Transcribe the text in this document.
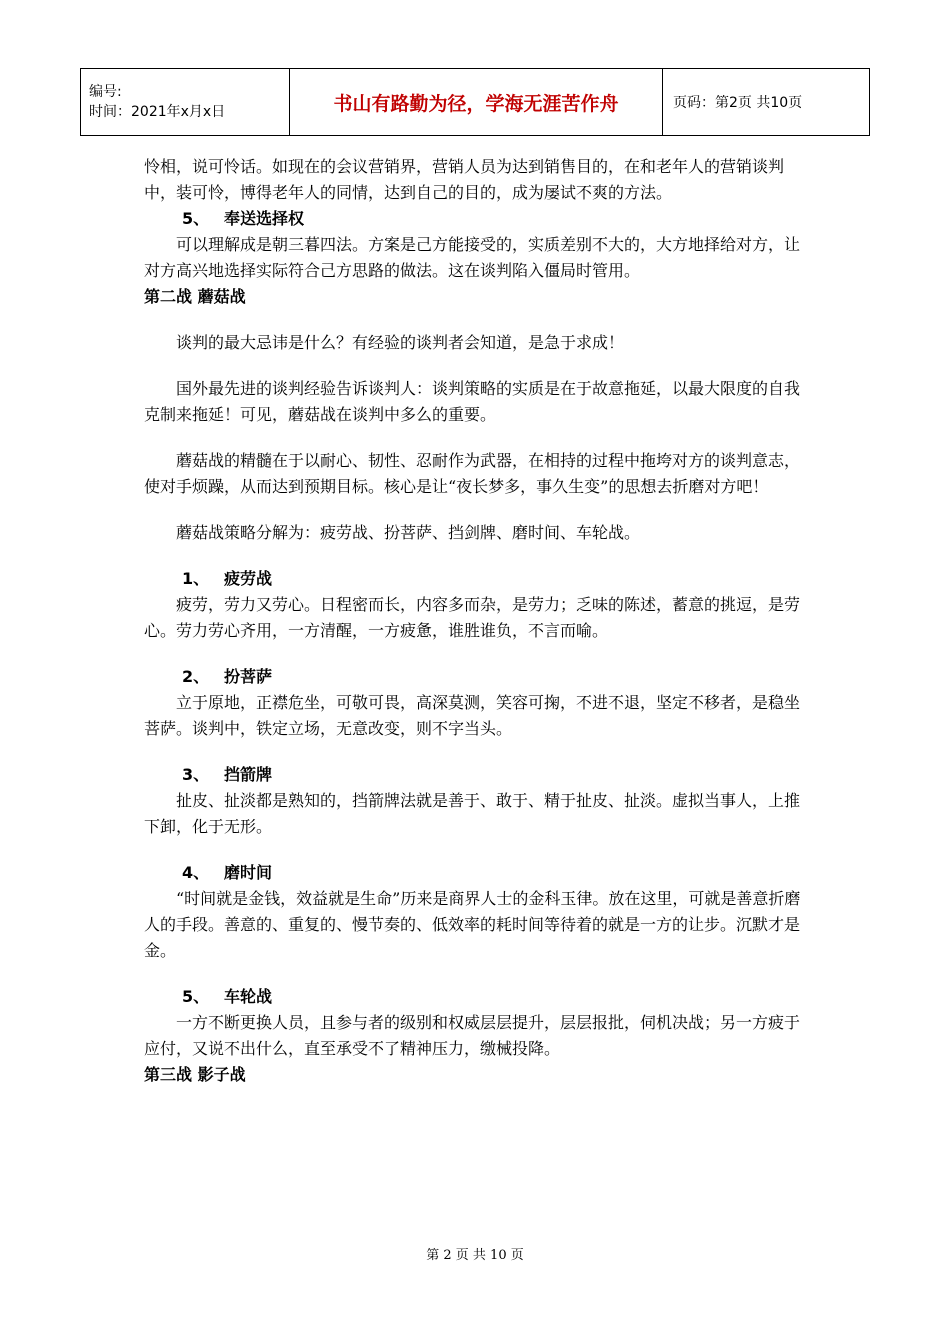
编号:
时间：2021年x月x日	书山有路勤为径，学海无涯苦作舟	页码：第2页 共10页

怜相，说可怜话。如现在的会议营销界，营销人员为达到销售目的，在和老年人的营销谈判中，装可怜，博得老年人的同情，达到自己的目的，成为屡试不爽的方法。

5、 奉送选择权

可以理解成是朝三暮四法。方案是己方能接受的，实质差别不大的，大方地择给对方，让对方高兴地选择实际符合己方思路的做法。这在谈判陷入僵局时管用。

第二战 蘑菇战

谈判的最大忌讳是什么？有经验的谈判者会知道，是急于求成！

国外最先进的谈判经验告诉谈判人：谈判策略的实质是在于故意拖延，以最大限度的自我克制来拖延！可见，蘑菇战在谈判中多么的重要。

蘑菇战的精髓在于以耐心、韧性、忍耐作为武器，在相持的过程中拖垮对方的谈判意志，使对手烦躁，从而达到预期目标。核心是让“夜长梦多，事久生变”的思想去折磨对方吧！

蘑菇战策略分解为：疲劳战、扮菩萨、挡剑牌、磨时间、车轮战。

1、 疲劳战

疲劳，劳力又劳心。日程密而长，内容多而杂，是劳力；乏味的陈述，蓄意的挑逗，是劳心。劳力劳心齐用，一方清醒，一方疲惫，谁胜谁负，不言而喻。

2、 扮菩萨

立于原地，正襟危坐，可敬可畏，高深莫测，笑容可掬，不进不退，坚定不移者，是稳坐菩萨。谈判中，铁定立场，无意改变，则不字当头。

3、 挡箭牌

扯皮、扯淡都是熟知的，挡箭牌法就是善于、敢于、精于扯皮、扯淡。虚拟当事人，上推下卸，化于无形。

4、 磨时间

“时间就是金钱，效益就是生命”历来是商界人士的金科玉律。放在这里，可就是善意折磨人的手段。善意的、重复的、慢节奏的、低效率的耗时间等待着的就是一方的让步。沉默才是金。

5、 车轮战

一方不断更换人员，且参与者的级别和权威层层提升，层层报批，伺机决战；另一方疲于应付，又说不出什么，直至承受不了精神压力，缴械投降。

第三战 影子战
第 2 页 共 10 页
